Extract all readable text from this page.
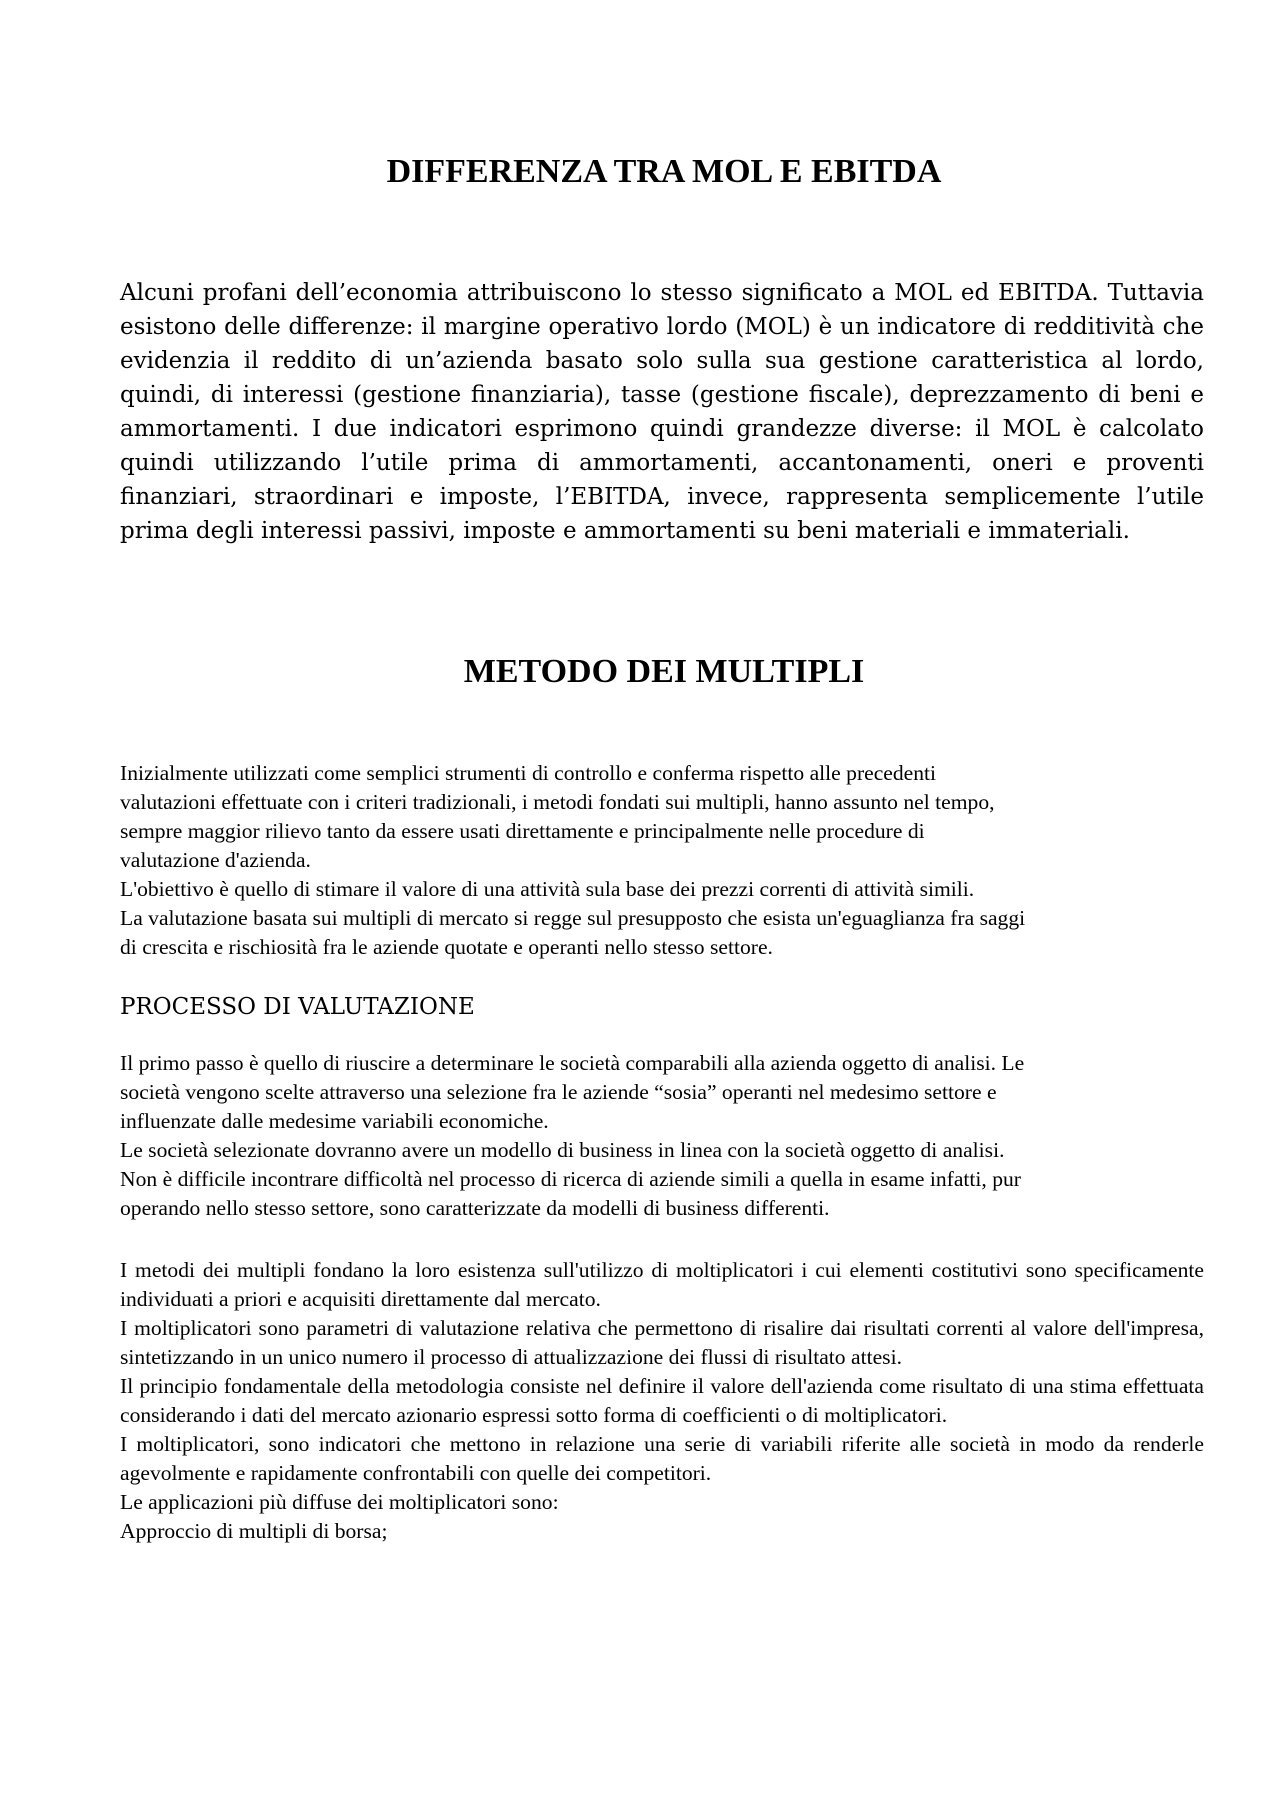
DIFFERENZA TRA MOL E EBITDA

Alcuni profani dell’economia attribuiscono lo stesso significato a MOL ed EBITDA. Tuttavia esistono delle differenze: il margine operativo lordo (MOL) è un indicatore di redditività che evidenzia il reddito di un’azienda basato solo sulla sua gestione caratteristica al lordo, quindi, di interessi (gestione finanziaria), tasse (gestione fiscale), deprezzamento di beni e ammortamenti. I due indicatori esprimono quindi grandezze diverse: il MOL è calcolato quindi utilizzando l’utile prima di ammortamenti, accantonamenti, oneri e proventi finanziari, straordinari e imposte, l’EBITDA, invece, rappresenta semplicemente l’utile prima degli interessi passivi, imposte e ammortamenti su beni materiali e immateriali.

METODO DEI MULTIPLI

Inizialmente utilizzati come semplici strumenti di controllo e conferma rispetto alle precedenti

valutazioni effettuate con i criteri tradizionali, i metodi fondati sui multipli, hanno assunto nel tempo,

sempre maggior rilievo tanto da essere usati direttamente e principalmente nelle procedure di

valutazione d'azienda.

L'obiettivo è quello di stimare il valore di una attività sula base dei prezzi correnti di attività simili.

La valutazione basata sui multipli di mercato si regge sul presupposto che esista un'eguaglianza fra saggi

di crescita e rischiosità fra le aziende quotate e operanti nello stesso settore.

PROCESSO DI VALUTAZIONE

Il primo passo è quello di riuscire a determinare le società comparabili alla azienda oggetto di analisi. Le

società vengono scelte attraverso una selezione fra le aziende “sosia” operanti nel medesimo settore e

influenzate dalle medesime variabili economiche.

Le società selezionate dovranno avere un modello di business in linea con la società oggetto di analisi.

Non è difficile incontrare difficoltà nel processo di ricerca di aziende simili a quella in esame infatti, pur

operando nello stesso settore, sono caratterizzate da modelli di business differenti.

I metodi dei multipli fondano la loro esistenza sull'utilizzo di moltiplicatori i cui elementi costitutivi sono specificamente individuati a priori e acquisiti direttamente dal mercato.

I moltiplicatori sono parametri di valutazione relativa che permettono di risalire dai risultati correnti al valore dell'impresa, sintetizzando in un unico numero il processo di attualizzazione dei flussi di risultato attesi.

Il principio fondamentale della metodologia consiste nel definire il valore dell'azienda come risultato di una stima effettuata considerando i dati del mercato azionario espressi sotto forma di coefficienti o di moltiplicatori.

I moltiplicatori, sono indicatori che mettono in relazione una serie di variabili riferite alle società in modo da renderle agevolmente e rapidamente confrontabili con quelle dei competitori.

Le applicazioni più diffuse dei moltiplicatori sono:

Approccio di multipli di borsa;
